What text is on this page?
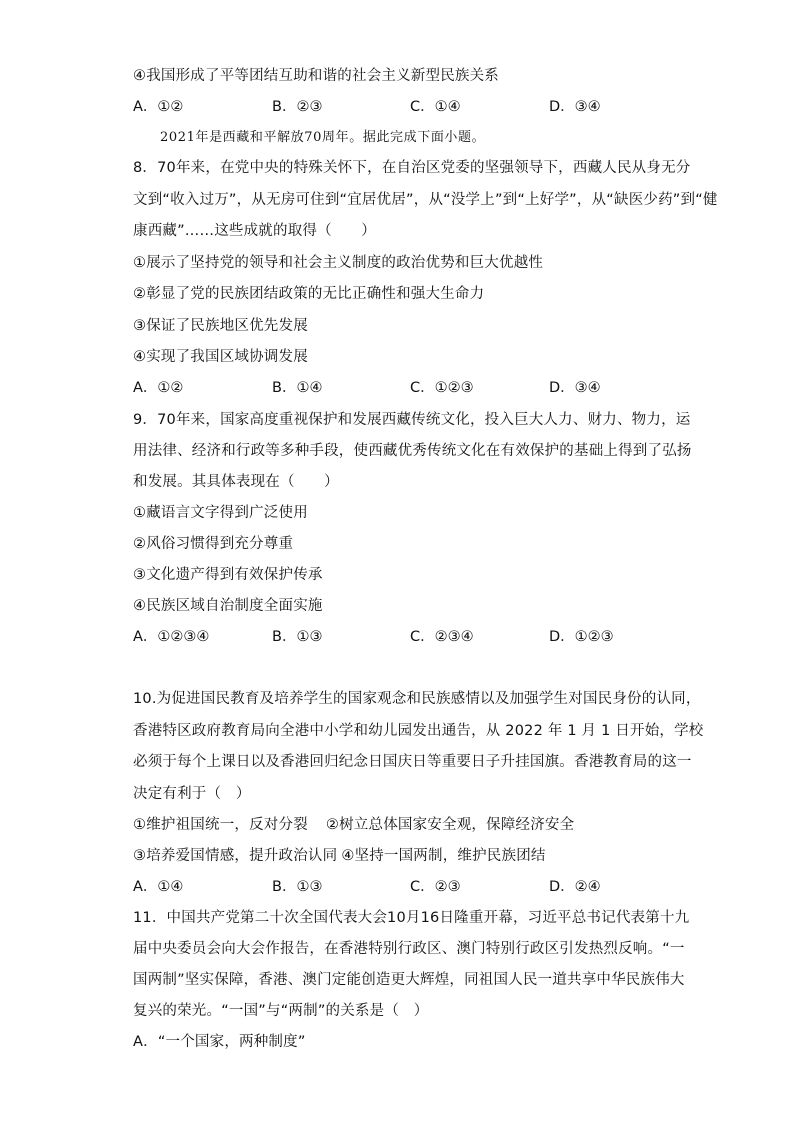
④我国形成了平等团结互助和谐的社会主义新型民族关系
A．①②	B．②③	C．①④	D．③④
2021年是西藏和平解放70周年。据此完成下面小题。
8．70年来，在党中央的特殊关怀下，在自治区党委的坚强领导下，西藏人民从身无分
文到“收入过万”，从无房可住到“宜居优居”，从“没学上”到“上好学”，从“缺医少药”到“健
康西藏”……这些成就的取得（　　）
①展示了坚持党的领导和社会主义制度的政治优势和巨大优越性
②彰显了党的民族团结政策的无比正确性和强大生命力
③保证了民族地区优先发展
④实现了我国区域协调发展
A．①②	B．①④	C．①②③	D．③④
9．70年来，国家高度重视保护和发展西藏传统文化，投入巨大人力、财力、物力，运
用法律、经济和行政等多种手段，使西藏优秀传统文化在有效保护的基础上得到了弘扬
和发展。其具体表现在（　　）
①藏语言文字得到广泛使用
②风俗习惯得到充分尊重
③文化遗产得到有效保护传承
④民族区域自治制度全面实施
A．①②③④	B．①③	C．②③④	D．①②③
10.为促进国民教育及培养学生的国家观念和民族感情以及加强学生对国民身份的认同，
香港特区政府教育局向全港中小学和幼儿园发出通告，从 2022 年 1 月 1 日开始，学校
必须于每个上课日以及香港回归纪念日国庆日等重要日子升挂国旗。香港教育局的这一
决定有利于（　）
①维护祖国统一，反对分裂 ②树立总体国家安全观，保障经济安全
③培养爱国情感，提升政治认同 ④坚持一国两制，维护民族团结
A．①④	B．①③	C．②③	D．②④
11．中国共产党第二十次全国代表大会10月16日隆重开幕，习近平总书记代表第十九
届中央委员会向大会作报告，在香港特别行政区、澳门特别行政区引发热烈反响。“一
国两制”坚实保障，香港、澳门定能创造更大辉煌，同祖国人民一道共享中华民族伟大
复兴的荣光。“一国”与“两制”的关系是（　）
A．“一个国家，两种制度”
